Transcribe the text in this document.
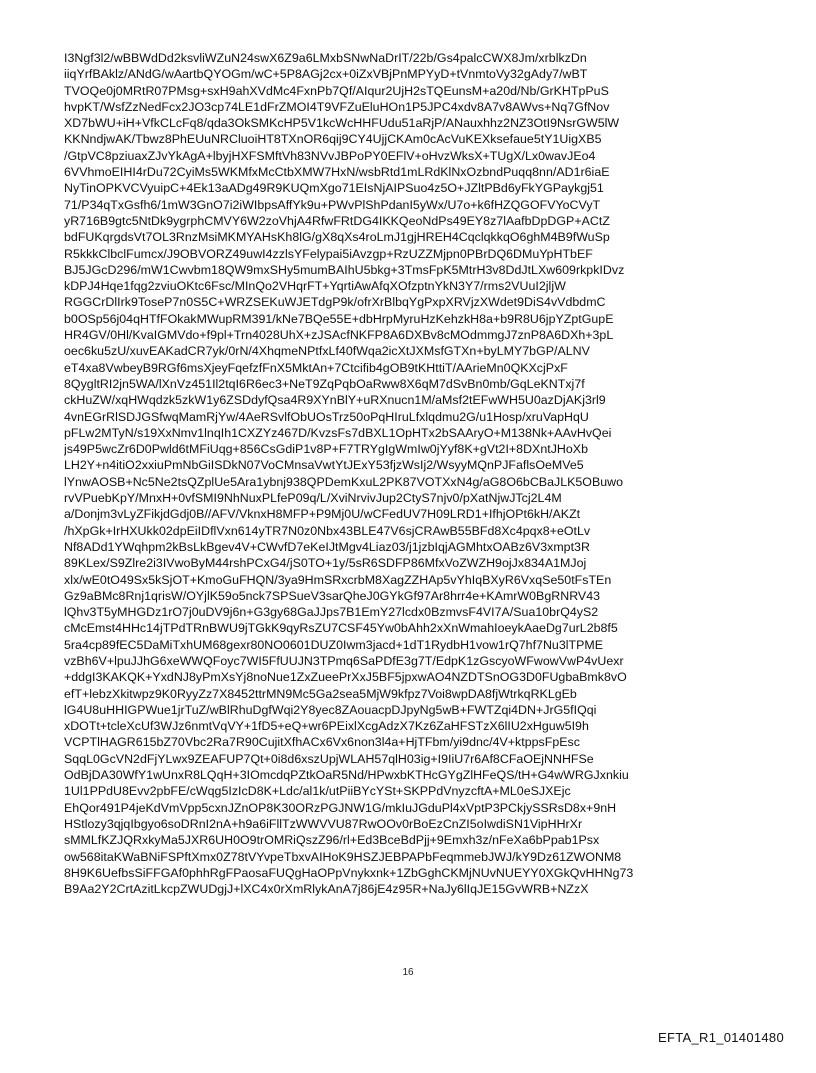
I3Ngf3l2/wBBWdDd2ksvliWZuN24swX6Z9a6LMxbSNwNaDrIT/22b/Gs4palcCWX8Jm/xrblkzDn
iiqYrfBAklz/ANdG/wAartbQYOGm/wC+5P8AGj2cx+0iZxVBjPnMPYyD+tVnmtoVy32gAdy7/wBT
TVOQe0j0MRtR07PMsg+sxH9ahXVdMc4FxnPb7Qf/AIqur2UjH2sTQEunsM+a20d/Nb/GrKHTpPuS
hvpKT/WsfZzNedFcx2JO3cp74LE1dFrZMOI4T9VFZuEluHOn1P5JPC4xdv8A7v8AWvs+Nq7GfNov
XD7bWU+iH+VfkCLcFq8/qda3OkSMKcHP5V1kcWcHHFUdu51aRjP/ANauxhhz2NZ3OtI9NsrGW5lW
KKNndjwAK/Tbwz8PhEUuNRCluoiHT8TXnOR6qij9CY4UjjCKAm0cAcVuKEXksefaue5tY1UigXB5
/GtpVC8pziuaxZJvYkAgA+lbyjHXFSMftVh83NVvJBPoPY0EFlV+oHvzWksX+TUgX/Lx0wavJEo4
6VVhmoEIHI4rDu72CyiMs5WKMfxMcCtbXMW7HxN/wsbRtd1mLRdKlNxOzbndPuqq8nn/AD1r6iaE
NyTinOPKVCVyuipC+4Ek13aADg49R9KUQmXgo71EIsNjAIPSuo4z5O+JZltPBd6yFkYGPaykgj51
71/P34qTxGsfh6/1mW3GnO7i2iWIbpsAffYk9u+PWvPlShPdanI5yWx/U7o+k6fHZQGOFVYoCVyT
yR716B9gtc5NtDk9ygrphCMVY6W2zoVhjA4RfwFRtDG4IKKQeoNdPs49EY8z7lAafbDpDGP+ACtZ
bdFUKqrgdsVt7OL3RnzMsiMKMYAHsKh8lG/gX8qXs4roLmJ1gjHREH4CqclqkkqO6ghM4B9fWuSp
R5kkkClbclFumcx/J9OBVORZ49uwI4zzlsYFelypai5iAvzgp+RzUZZMjpn0PBrDQ6DMuYpHTbEF
BJ5JGcD296/mW1Cwvbm18QW9mxSHy5mumBAIhU5bkg+3TmsFpK5MtrH3v8DdJtLXw609rkpkIDvz
kDPJ4Hqe1fqg2zviuOKtc6Fsc/MInQo2VHqrFT+YqrtiAwAfqXOfzptnYkN3Y7/rms2VUuI2jljW
RGGCrDlIrk9ToseP7n0S5C+WRZSEKuWJETdgP9k/ofrXrBlbqYgPxpXRVjzXWdet9DiS4vVdbdmC
b0OSp56j04qHTfFOkakMWupRM391/kNe7BQe55E+dbHrpMyruHzKehzkH8a+b9R8U6jpYZptGupE
HR4GV/0Hl/KvaIGMVdo+f9pl+Trn4028UhX+zJSAcfNKFP8A6DXBv8cMOdmmgJ7znP8A6DXh+3pL
oec6ku5zU/xuvEAKadCR7yk/0rN/4XhqmeNPtfxLf40fWqa2icXtJXMsfGTXn+byLMY7bGP/ALNV
eT4xa8VwbeyB9RGf6msXjeyFqefzfFnX5MktAn+7Ctcifib4gOB9tKHttiT/AArieMn0QKXcjPxF
8QygltRI2jn5WA/lXnVz451Il2tqI6R6ec3+NeT9ZqPqbOaRww8X6qM7dSvBn0mb/GqLeKNTxj7f
ckHuZW/xqHWqdzk5zkW1y6ZSDdyfQsa4R9XYnBlY+uRXnucn1M/aMsf2tEFwWH5U0azDjAKj3rl9
4vnEGrRlSDJGSfwqMamRjYw/4AeRSvlfObUOsTrz50oPqHIruLfxlqdmu2G/u1Hosp/xruVapHqU
pFLw2MTyN/s19XxNmv1lnqIh1CXZYz467D/KvzsFs7dBXL1OpHTx2bSAAryO+M138Nk+AAvHvQei
js49P5wcZr6D0Pwld6tMFiUqg+856CsGdiP1v8P+F7TRYgIgWmIw0jYyf8K+gVt2I+8DXntJHoXb
LH2Y+n4itiO2xxiuPmNbGiISDkN07VoCMnsaVwtYtJExY53fjzWsIj2/WsyyMQnPJFaflsOeMVe5
lYnwAOSB+Nc5Ne2tsQZplUe5Ara1ybnj938QPDemKxuL2PK87VOTXxN4g/aG8O6bCBaJLK5OBuwo
rvVPuebKpY/MnxH+0vfSMI9NhNuxPLfeP09q/L/XviNrvivJup2CtyS7njv0/pXatNjwJTcj2L4M
a/Donjm3vLyZFikjdGdj0B//AFV/VknxH8MFP+P9Mj0U/wCFedUV7H09LRD1+IfhjOPt6kH/AKZt
/hXpGk+IrHXUkk02dpEiIDflVxn614yTR7N0z0Nbx43BLE47V6sjCRAwB55BFd8Xc4pqx8+eOtLv
Nf8ADd1YWqhpm2kBsLkBgev4V+CWvfD7eKeIJtMgv4Liaz03/j1jzbIqjAGMhtxOABz6V3xmpt3R
89KLex/S9Zlre2i3IVwoByM44rshPCxG4/jS0TO+1y/5sR6SDFP86MfxVoZWZH9ojJx834A1MJoj
xlx/wE0tO49Sx5kSjOT+KmoGuFHQN/3ya9HmSRxcrbM8XagZZHAp5vYhIqBXyR6VxqSe50tFsTEn
Gz9aBMc8Rnj1qrisW/OYjlK59o5nck7SPSueV3sarQheJ0GYkGf97Ar8hrr4e+KAmrW0BgRNRV43
lQhv3T5yMHGDz1rO7j0uDV9j6n+G3gy68GaJJps7B1EmY27lcdx0BzmvsF4VI7A/Sua10brQ4yS2
cMcEmst4HHc14jTPdTRnBWU9jTGkK9qyRsZU7CSF45Yw0bAhh2xXnWmahIoeykAaeDg7urL2b8f5
5ra4cp89fEC5DaMiTxhUM68gexr80NO0601DUZ0Iwm3jacd+1dT1RydbH1vow1rQ7hf7Nu3lTPME
vzBh6V+lpuJJhG6xeWWQFoyc7WI5FfUUJN3TPmq6SaPDfE3g7T/EdpK1zGscyoWFwowVwP4vUexr
+ddgI3KAKQK+YxdNJ8yPmXsYj8noNue1ZxZueePrXxJ5BF5jpxwAO4NZDTSnOG3D0FUgbaBmk8vO
efT+lebzXkitwpz9K0RyyZz7X8452ttrMN9Mc5Ga2sea5MjW9kfpz7Voi8wpDA8fjWtrkqRKLgEb
lG4U8uHHIGPWue1jrTuZ/wBlRhuDgfWqi2Y8yec8ZAouacpDJpyNg5wB+FWTZqi4DN+JrG5fIQqi
xDOTt+tcleXcUf3WJz6nmtVqVY+1fD5+eQ+wr6PEixlXcgAdzX7Kz6ZaHFSTzX6lIU2xHguw5I9h
VCPTlHAGR615bZ70Vbc2Ra7R90CujitXfhACx6Vx6non3l4a+HjTFbm/yi9dnc/4V+ktppsFpEsc
SqqL0GcVN2dFjYLwx9ZEAFUP7Qt+0i8d6xszUpjWLAH57qlH03ig+I9IiU7r6Af8CFaOEjNNHFSe
OdBjDA30WfY1wUnxR8LQqH+3IOmcdqPZtkOaR5Nd/HPwxbKTHcGYgZlHFeQS/tH+G4wWRGJxnkiu
1Ul1PPdU8Evv2pbFE/cWqg5IzIcD8K+Ldc/al1k/utPiiBYcYSt+SKPPdVnyzcftA+ML0eSJXEjc
EhQor491P4jeKdVmVpp5cxnJZnOP8K30ORzPGJNW1G/mkIuJGduPl4xVptP3PCkjySSRsD8x+9nH
HStlozy3qjqIbgyo6soDRnI2nA+h9a6iFllTzWWVVU87RwOOv0rBoEzCnZI5oIwdiSN1VipHHrXr
sMMLfKZJQRxkyMa5JXR6UH0O9trOMRiQszZ96/rl+Ed3BceBdPjj+9Emxh3z/nFeXa6bPpab1Psx
ow568itaKWaBNiFSPftXmx0Z78tVYvpeTbxvAIHoK9HSZJEBPAPbFeqmmebJWJ/kY9Dz61ZWONM8
8H9K6UefbsSiFFGAf0phhRgFPaosaFUQgHaOPpVnykxnk+1ZbGghCKMjNUvNUEYY0XGkQvHHNg73
B9Aa2Y2CrtAzitLkcpZWUDgjJ+lXC4x0rXmRlykAnA7j86jE4z95R+NaJy6lIqJE15GvWRB+NZzX
16
EFTA_R1_01401480
